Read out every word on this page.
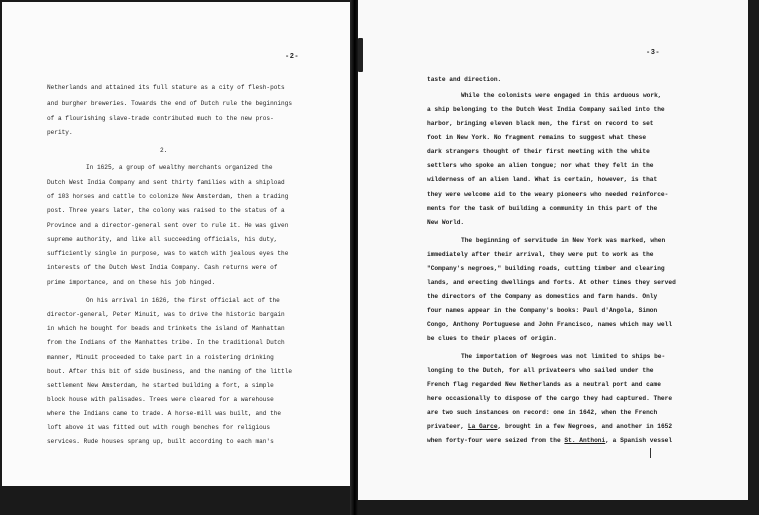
-2-
Netherlands and attained its full stature as a city of flesh-pots
and burgher breweries. Towards the end of Dutch rule the beginnings
of a flourishing slave-trade contributed much to the new pros-
perity.
2.
In 1625, a group of wealthy merchants organized the
Dutch West India Company and sent thirty families with a shipload
of 103 horses and cattle to colonize New Amsterdam, then a trading
post. Three years later, the colony was raised to the status of a
Province and a director-general sent over to rule it. He was given
supreme authority, and like all succeeding officials, his duty,
sufficiently single in purpose, was to watch with jealous eyes the
interests of the Dutch West India Company. Cash returns were of
prime importance, and on these his job hinged.
On his arrival in 1626, the first official act of the
director-general, Peter Minuit, was to drive the historic bargain
in which he bought for beads and trinkets the island of Manhattan
from the Indians of the Manhattes tribe. In the traditional Dutch
manner, Minuit proceeded to take part in a roistering drinking
bout. After this bit of side business, and the naming of the little
settlement New Amsterdam, he started building a fort, a simple
block house with palisades. Trees were cleared for a warehouse
where the Indians came to trade. A horse-mill was built, and the
loft above it was fitted out with rough benches for religious
services. Rude houses sprang up, built according to each man's
-3-
taste and direction.
While the colonists were engaged in this arduous work,
a ship belonging to the Dutch West India Company sailed into the
harbor, bringing eleven black men, the first on record to set
foot in New York. No fragment remains to suggest what these
dark strangers thought of their first meeting with the white
settlers who spoke an alien tongue; nor what they felt in the
wilderness of an alien land. What is certain, however, is that
they were welcome aid to the weary pioneers who needed reinforce-
ments for the task of building a community in this part of the
New World.
The beginning of servitude in New York was marked, when
immediately after their arrival, they were put to work as the
"Company's negroes," building roads, cutting timber and clearing
lands, and erecting dwellings and forts. At other times they served
the directors of the Company as domestics and farm hands. Only
four names appear in the Company's books: Paul d'Angola, Simon
Congo, Anthony Portuguese and John Francisco, names which may well
be clues to their places of origin.
The importation of Negroes was not limited to ships be-
longing to the Dutch, for all privateers who sailed under the
French flag regarded New Netherlands as a neutral port and came
here occasionally to dispose of the cargo they had captured. There
are two such instances on record: one in 1642, when the French
privateer, La Garce, brought in a few Negroes, and another in 1652
when forty-four were seized from the St. Anthoni, a Spanish vessel
